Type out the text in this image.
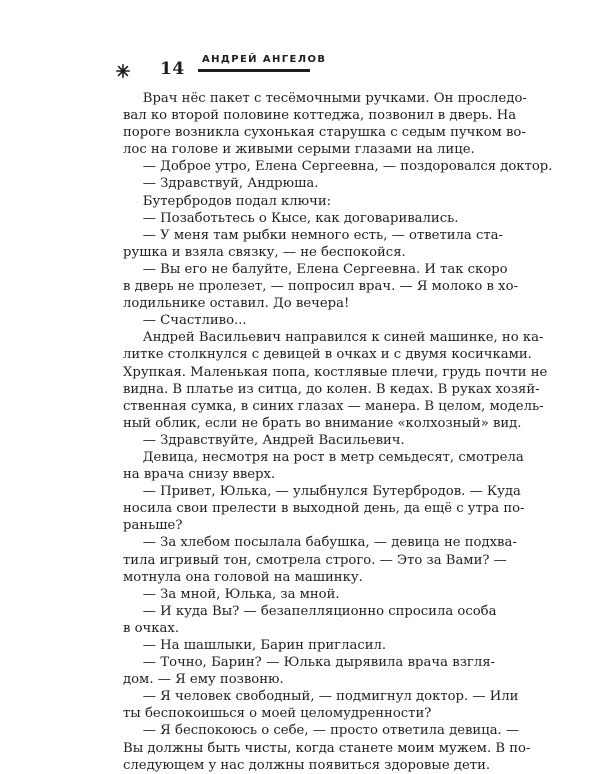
14 АНДРЕЙ АНГЕЛОВ
  Врач нёс пакет с тесёмочными ручками. Он проследо-
вал ко второй половине коттеджа, позвонил в дверь. На
пороге возникла сухонькая старушка с седым пучком во-
лос на голове и живыми серыми глазами на лице.
  — Доброе утро, Елена Сергеевна, — поздоровался доктор.
  — Здравствуй, Андрюша.
  Бутербродов подал ключи:
  — Позаботьтесь о Кысе, как договаривались.
  — У меня там рыбки немного есть, — ответила ста-
рушка и взяла связку, — не беспокойся.
  — Вы его не балуйте, Елена Сергеевна. И так скоро
в дверь не пролезет, — попросил врач. — Я молоко в хо-
лодильнике оставил. До вечера!
  — Счастливо...
  Андрей Васильевич направился к синей машинке, но ка-
литке столкнулся с девицей в очках и с двумя косичками.
Хрупкая. Маленькая попа, костлявые плечи, грудь почти не
видна. В платье из ситца, до колен. В кедах. В руках хозяй-
ственная сумка, в синих глазах — манера. В целом, модель-
ный облик, если не брать во внимание «колхозный» вид.
  — Здравствуйте, Андрей Васильевич.
  Девица, несмотря на рост в метр семьдесят, смотрела
на врача снизу вверх.
  — Привет, Юлька, — улыбнулся Бутербродов. — Куда
носила свои прелести в выходной день, да ещё с утра по-
раньше?
  — За хлебом посылала бабушка, — девица не подхва-
тила игривый тон, смотрела строго. — Это за Вами? —
мотнула она головой на машинку.
  — За мной, Юлька, за мной.
  — И куда Вы? — безапелляционно спросила особа
в очках.
  — На шашлыки, Барин пригласил.
  — Точно, Барин? — Юлька дырявила врача взгля-
дом. — Я ему позвоню.
  — Я человек свободный, — подмигнул доктор. — Или
ты беспокоишься о моей целомудренности?
  — Я беспокоюсь о себе, — просто ответила девица. —
Вы должны быть чисты, когда станете моим мужем. В по-
следующем у нас должны появиться здоровые дети.
